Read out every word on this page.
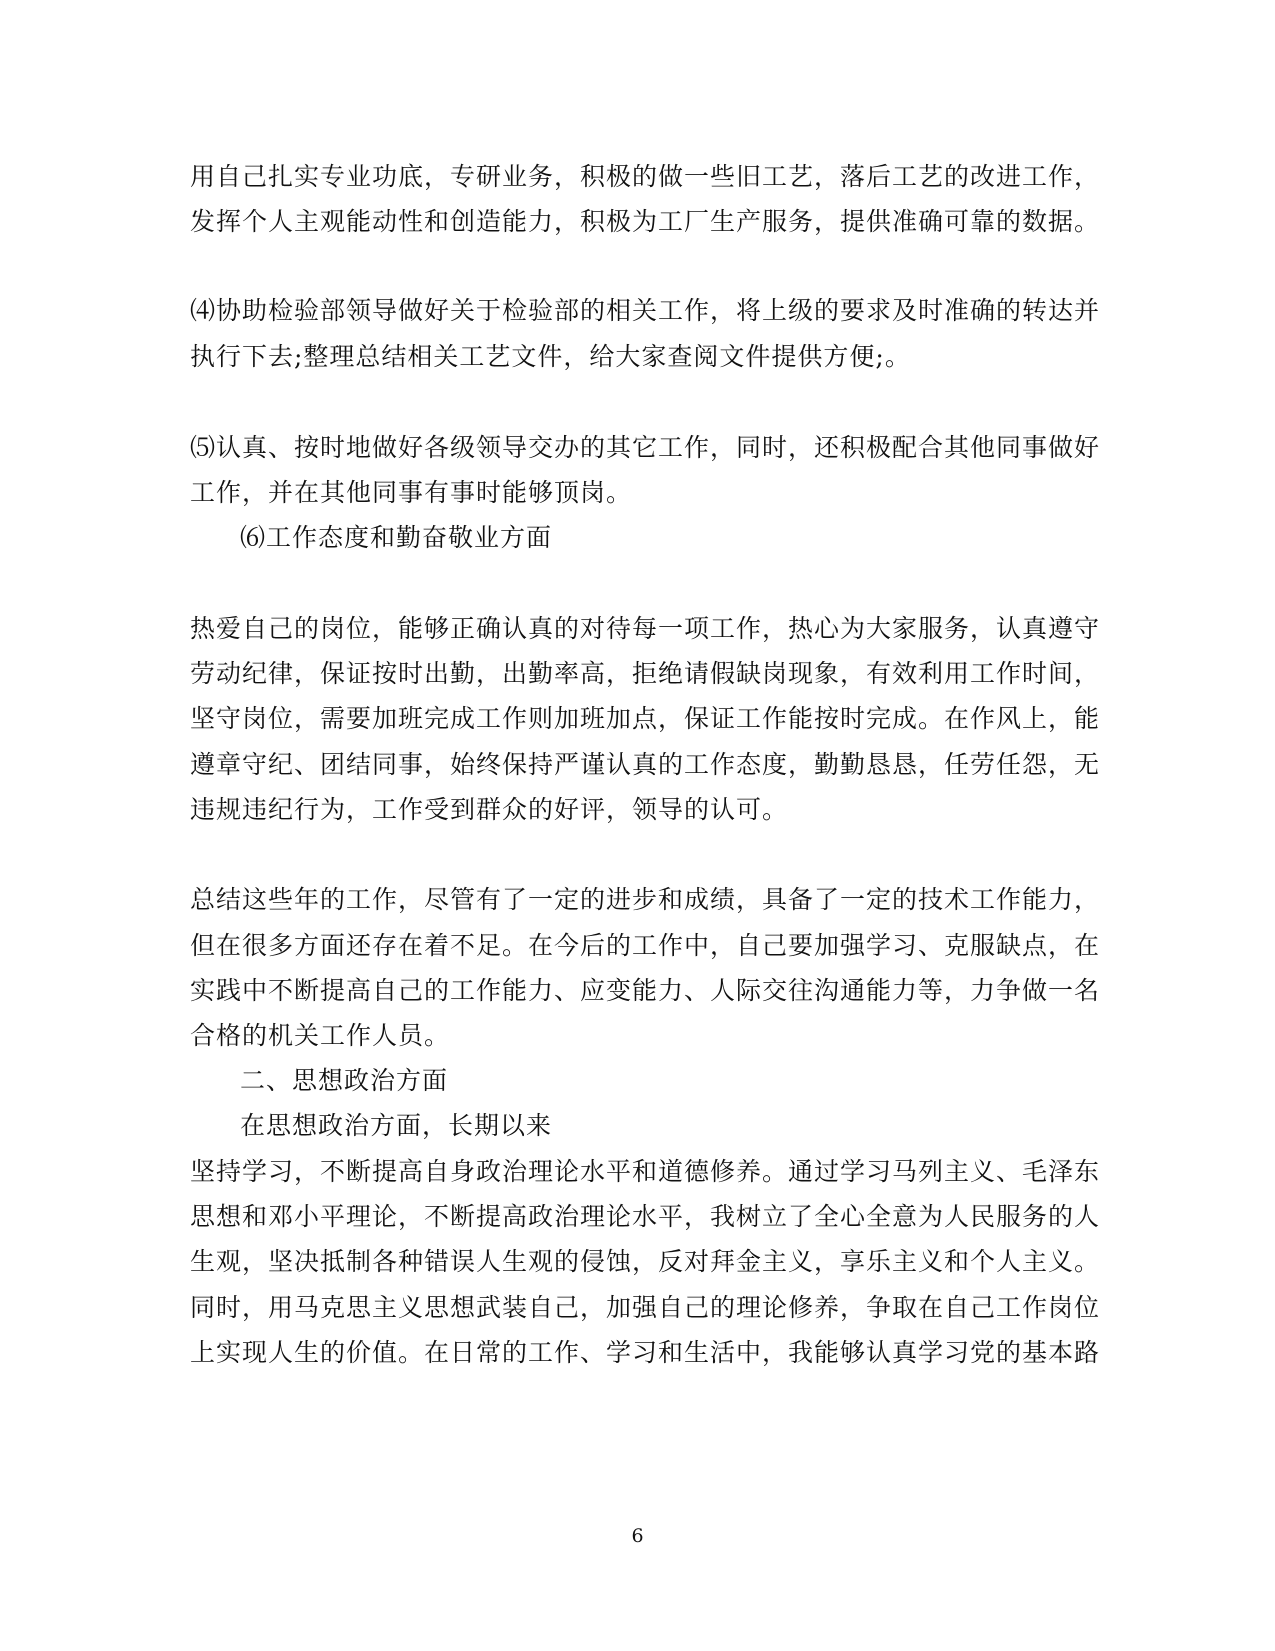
用自己扎实专业功底，专研业务，积极的做一些旧工艺，落后工艺的改进工作，
发挥个人主观能动性和创造能力，积极为工厂生产服务，提供准确可靠的数据。
⑷协助检验部领导做好关于检验部的相关工作，将上级的要求及时准确的转达并
执行下去;整理总结相关工艺文件，给大家查阅文件提供方便;。
⑸认真、按时地做好各级领导交办的其它工作，同时，还积极配合其他同事做好
工作，并在其他同事有事时能够顶岗。
⑹工作态度和勤奋敬业方面
热爱自己的岗位，能够正确认真的对待每一项工作，热心为大家服务，认真遵守
劳动纪律，保证按时出勤，出勤率高，拒绝请假缺岗现象，有效利用工作时间，
坚守岗位，需要加班完成工作则加班加点，保证工作能按时完成。在作风上，能
遵章守纪、团结同事，始终保持严谨认真的工作态度，勤勤恳恳，任劳任怨，无
违规违纪行为，工作受到群众的好评，领导的认可。
总结这些年的工作，尽管有了一定的进步和成绩，具备了一定的技术工作能力，
但在很多方面还存在着不足。在今后的工作中，自己要加强学习、克服缺点，在
实践中不断提高自己的工作能力、应变能力、人际交往沟通能力等，力争做一名
合格的机关工作人员。
二、思想政治方面
在思想政治方面，长期以来
坚持学习，不断提高自身政治理论水平和道德修养。通过学习马列主义、毛泽东
思想和邓小平理论，不断提高政治理论水平，我树立了全心全意为人民服务的人
生观，坚决抵制各种错误人生观的侵蚀，反对拜金主义，享乐主义和个人主义。
同时，用马克思主义思想武装自己，加强自己的理论修养，争取在自己工作岗位
上实现人生的价值。在日常的工作、学习和生活中，我能够认真学习党的基本路
6
